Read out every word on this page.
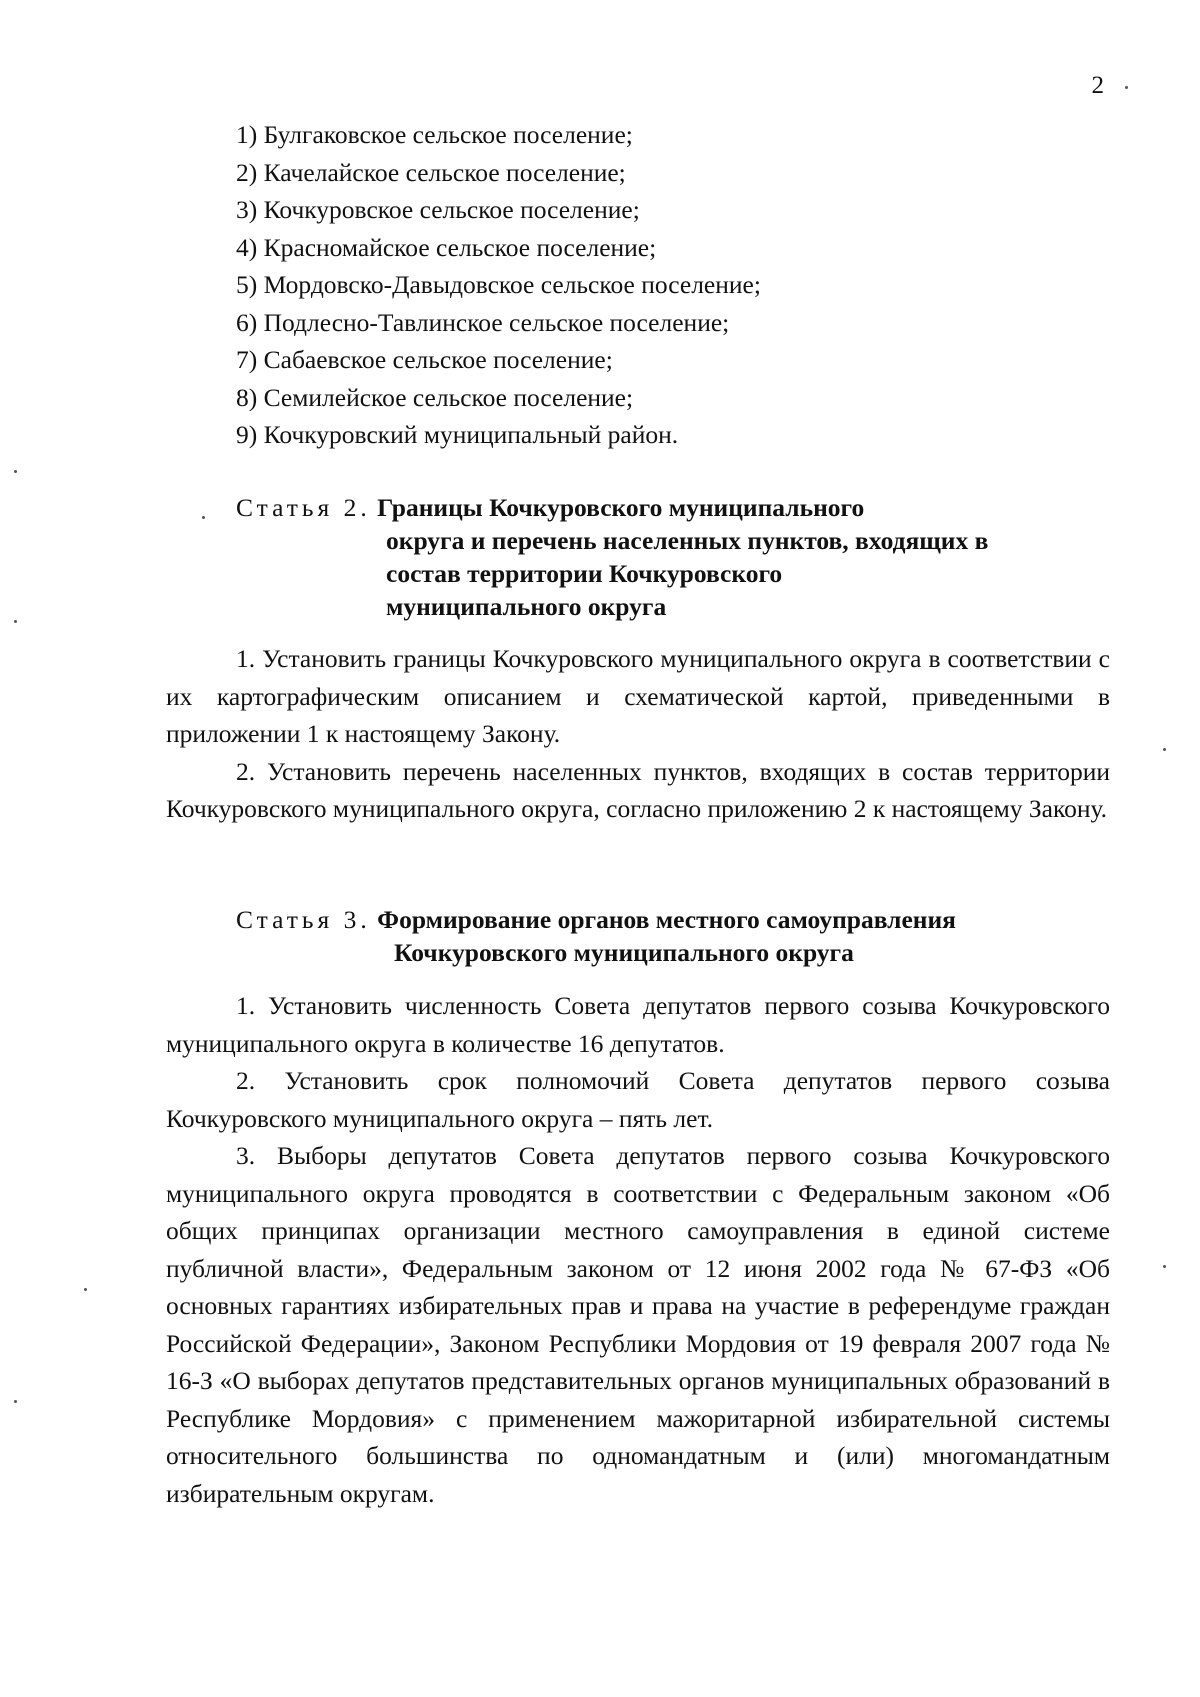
2
1) Булгаковское сельское поселение;
2) Качелайское сельское поселение;
3) Кочкуровское сельское поселение;
4) Красномайское сельское поселение;
5) Мордовско-Давыдовское сельское поселение;
6) Подлесно-Тавлинское сельское поселение;
7) Сабаевское сельское поселение;
8) Семилейское сельское поселение;
9) Кочкуровский муниципальный район.
Статья 2. Границы Кочкуровского муниципального
округа и перечень населенных пунктов, входящих в
состав территории Кочкуровского
муниципального округа

1. Установить границы Кочкуровского муниципального округа в соответствии с их картографическим описанием и схематической картой, приведенными в приложении 1 к настоящему Закону.

2. Установить перечень населенных пунктов, входящих в состав территории Кочкуровского муниципального округа, согласно приложению 2 к настоящему Закону.

Статья 3. Формирование органов местного самоуправления
Кочкуровского муниципального округа

1. Установить численность Совета депутатов первого созыва Кочкуровского муниципального округа в количестве 16 депутатов.

2. Установить срок полномочий Совета депутатов первого созыва Кочкуровского муниципального округа – пять лет.

3. Выборы депутатов Совета депутатов первого созыва Кочкуровского муниципального округа проводятся в соответствии с Федеральным законом «Об общих принципах организации местного самоуправления в единой системе публичной власти», Федеральным законом от 12 июня 2002 года № 67-ФЗ «Об основных гарантиях избирательных прав и права на участие в референдуме граждан Российской Федерации», Законом Республики Мордовия от 19 февраля 2007 года № 16-З «О выборах депутатов представительных органов муниципальных образований в Республике Мордовия» с применением мажоритарной избирательной системы относительного большинства по одномандатным и (или) многомандатным избирательным округам.
